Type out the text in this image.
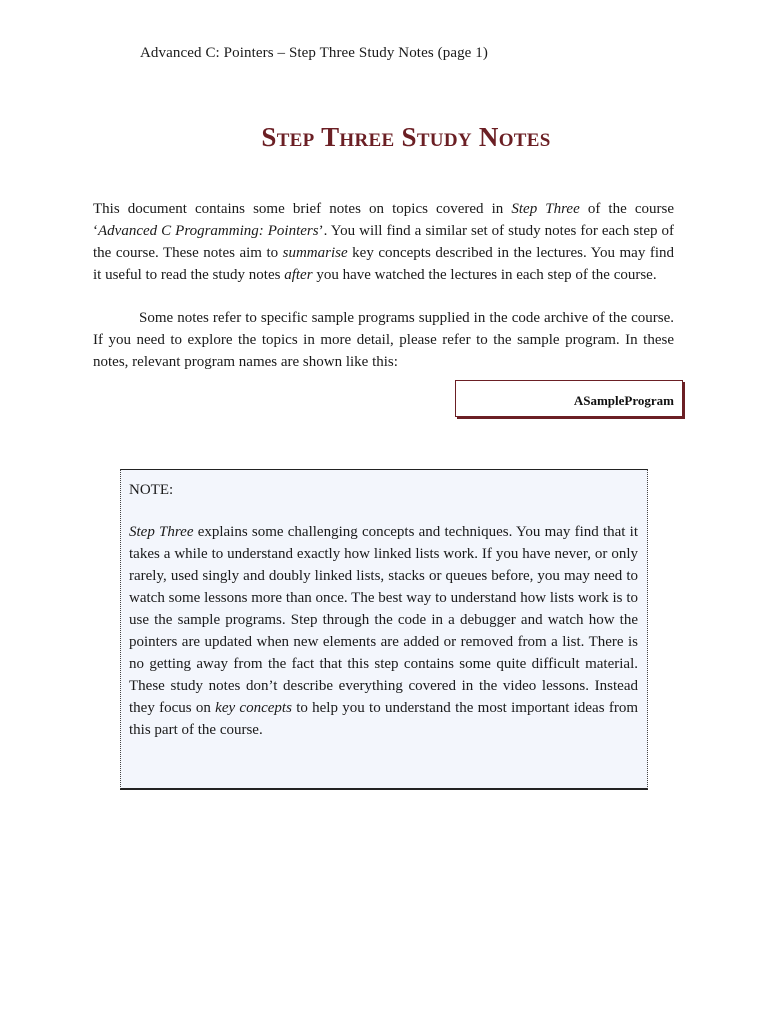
Advanced C: Pointers – Step Three Study Notes (page 1)
Step Three Study Notes

This document contains some brief notes on topics covered in Step Three of the course ‘Advanced C Programming: Pointers’. You will find a similar set of study notes for each step of the course. These notes aim to summarise key concepts described in the lectures. You may find it useful to read the study notes after you have watched the lectures in each step of the course.

Some notes refer to specific sample programs supplied in the code archive of the course. If you need to explore the topics in more detail, please refer to the sample program. In these notes, relevant program names are shown like this:

ASampleProgram
NOTE:

Step Three explains some challenging concepts and techniques. You may find that it takes a while to understand exactly how linked lists work. If you have never, or only rarely, used singly and doubly linked lists, stacks or queues before, you may need to watch some lessons more than once. The best way to understand how lists work is to use the sample programs. Step through the code in a debugger and watch how the pointers are updated when new elements are added or removed from a list. There is no getting away from the fact that this step contains some quite difficult material. These study notes don’t describe everything covered in the video lessons. Instead they focus on key concepts to help you to understand the most important ideas from this part of the course.
